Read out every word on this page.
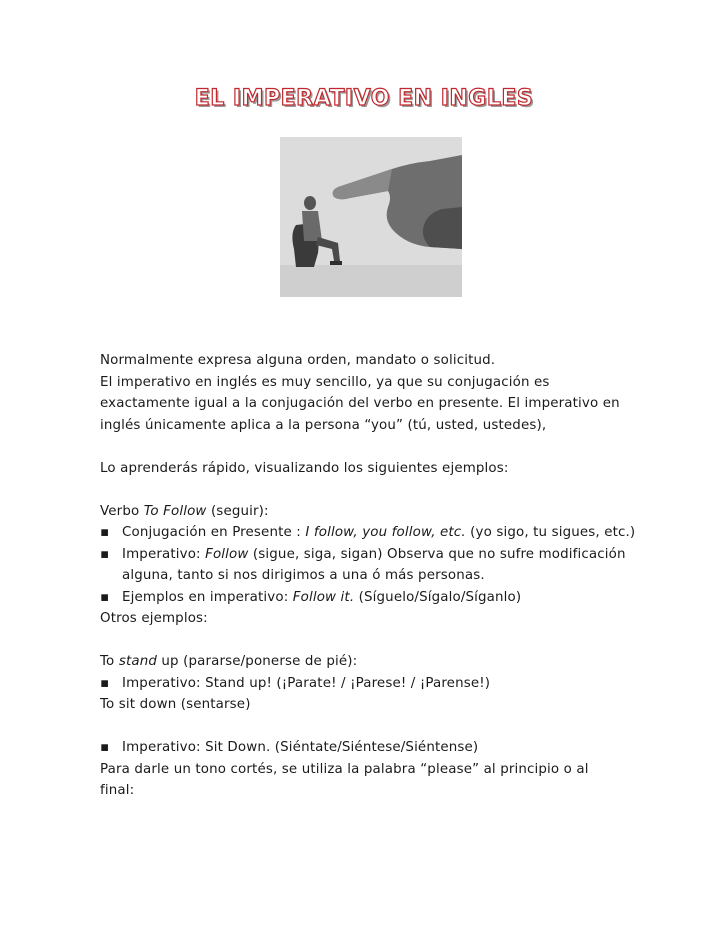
EL IMPERATIVO EN INGLES
Normalmente expresa alguna orden, mandato o solicitud.
El imperativo en inglés es muy sencillo, ya que su conjugación es
exactamente igual a la conjugación del verbo en presente. El imperativo en
inglés únicamente aplica a la persona “you” (tú, usted, ustedes),
Lo aprenderás rápido, visualizando los siguientes ejemplos:
Verbo To Follow (seguir):
▪ Conjugación en Presente : I follow, you follow, etc. (yo sigo, tu sigues, etc.)
▪ Imperativo: Follow (sigue, siga, sigan) Observa que no sufre modificación alguna, tanto si nos dirigimos a una ó más personas.
▪ Ejemplos en imperativo: Follow it. (Síguelo/Sígalo/Síganlo)
Otros ejemplos:
To stand up (pararse/ponerse de pié):
▪ Imperativo: Stand up! (¡Parate! / ¡Parese! / ¡Parense!)
To sit down (sentarse)
▪ Imperativo: Sit Down. (Siéntate/Siéntese/Siéntense)
Para darle un tono cortés, se utiliza la palabra “please” al principio o al
final:
